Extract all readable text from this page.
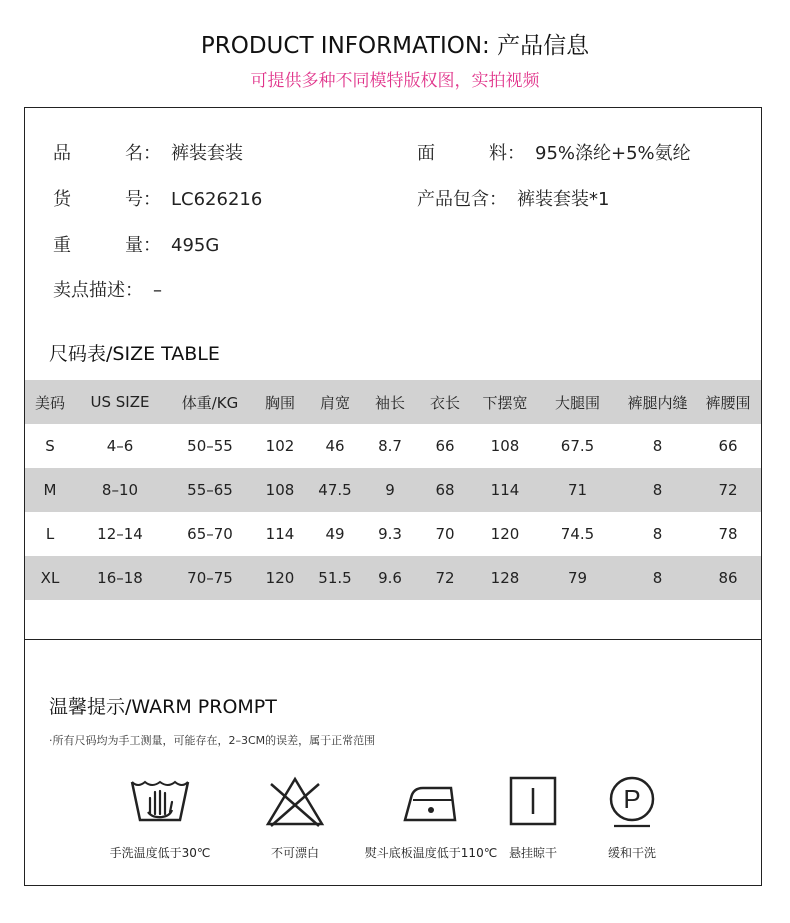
PRODUCT INFORMATION: 产品信息
可提供多种不同模特版权图，实拍视频
品	名 ： 裤装套装	面	料 ： 95%涤纶+5%氨纶
货	号 ： LC626216	产品包含： 裤装套装*1
重	量 ： 495G
卖点描述： –
尺码表/SIZE TABLE
美码	US SIZE	体重/KG	胸围	肩宽	袖长	衣长	下摆宽	大腿围	裤腿内缝	裤腰围
S	4–6	50–55	102	46	8.7	66	108	67.5	8	66
M	8–10	55–65	108	47.5	9	68	114	71	8	72
L	12–14	65–70	114	49	9.3	70	120	74.5	8	78
XL	16–18	70–75	120	51.5	9.6	72	128	79	8	86
温馨提示/WARM PROMPT
·所有尺码均为手工测量，可能存在，2–3CM的误差，属于正常范围
手洗温度低于30℃	不可漂白	熨斗底板温度低于110℃ 悬挂晾干
P
缓和干洗
